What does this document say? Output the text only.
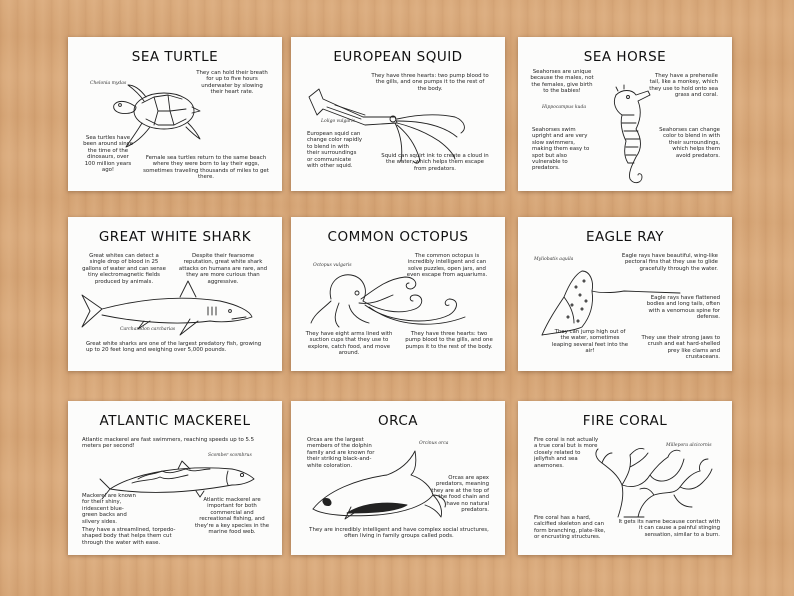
SEA TURTLE
Chelonia mydas
They can hold their breath for up to five hours underwater by slowing their heart rate.
Sea turtles have been around since the time of the dinosaurs, over 100 million years ago!
Female sea turtles return to the same beach where they were born to lay their eggs, sometimes traveling thousands of miles to get there.
EUROPEAN SQUID
They have three hearts: two pump blood to the gills, and one pumps it to the rest of the body.
Loligo vulgaris
European squid can change color rapidly to blend in with their surroundings or communicate with other squid.
Squid can squirt ink to create a cloud in the water, which helps them escape from predators.
SEA HORSE
Seahorses are unique because the males, not the females, give birth to the babies!
They have a prehensile tail, like a monkey, which they use to hold onto sea grass and coral.
Hippocampus kuda
Seahorses swim upright and are very slow swimmers, making them easy to spot but also vulnerable to predators.
Seahorses can change color to blend in with their surroundings, which helps them avoid predators.
GREAT WHITE SHARK
Great whites can detect a single drop of blood in 25 gallons of water and can sense tiny electromagnetic fields produced by animals.
Despite their fearsome reputation, great white shark attacks on humans are rare, and they are more curious than aggressive.
Carcharodon carcharias
Great white sharks are one of the largest predatory fish, growing up to 20 feet long and weighing over 5,000 pounds.
COMMON OCTOPUS
Octopus vulgaris
The common octopus is incredibly intelligent and can solve puzzles, open jars, and even escape from aquariums.
They have eight arms lined with suction cups that they use to explore, catch food, and move around.
They have three hearts: two pump blood to the gills, and one pumps it to the rest of the body.
EAGLE RAY
Myliobatis aquila
Eagle rays have beautiful, wing-like pectoral fins that they use to glide gracefully through the water.
Eagle rays have flattened bodies and long tails, often with a venomous spine for defense.
They can jump high out of the water, sometimes leaping several feet into the air!
They use their strong jaws to crush and eat hard-shelled prey like clams and crustaceans.
ATLANTIC MACKEREL
Atlantic mackerel are fast swimmers, reaching speeds up to 5.5 meters per second!
Scomber scombrus
Mackerel are known for their shiny, iridescent blue-green backs and silvery sides.
Atlantic mackerel are important for both commercial and recreational fishing, and they're a key species in the marine food web.
They have a streamlined, torpedo-shaped body that helps them cut through the water with ease.
ORCA
Orcas are the largest members of the dolphin family and are known for their striking black-and-white coloration.
Orcinus orca
Orcas are apex predators, meaning they are at the top of the food chain and have no natural predators.
They are incredibly intelligent and have complex social structures, often living in family groups called pods.
FIRE CORAL
Fire coral is not actually a true coral but is more closely related to jellyfish and sea anemones.
Millepora alcicornis
Fire coral has a hard, calcified skeleton and can form branching, plate-like, or encrusting structures.
It gets its name because contact with it can cause a painful stinging sensation, similar to a burn.
